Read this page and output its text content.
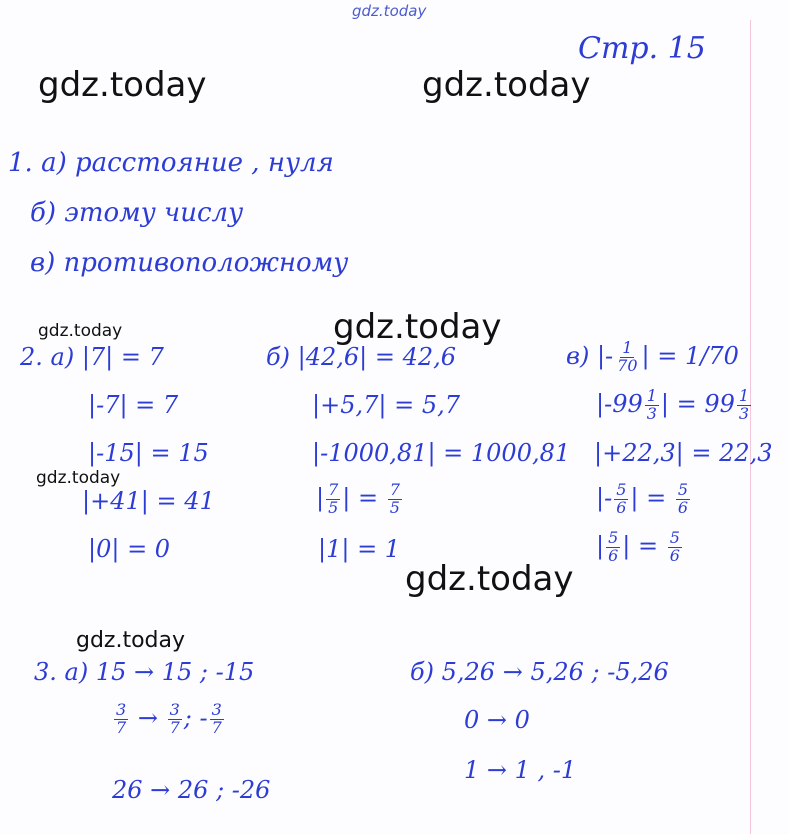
gdz.today
gdz.today	gdz.today
gdz.today
gdz.today
gdz.today
gdz.today
gdz.today
Стр. 15
1. а) расстояние , нуля
б) этому числу
в) противоположному
2. а) |7| = 7
|-7| = 7
|-15| = 15
|+41| = 41
|0| = 0
б) |42,6| = 42,6
|+5,7| = 5,7
|-1000,81| = 1000,81
| $\frac{7}{5}$ | = $\frac{7}{5}$
|1| = 1
в) |- $\frac{1}{70}$ | = 1/70
$|-99 \frac{1}{3}$ | = $99 \frac{1}{3}$
|+22,3| = 22,3
|- $\frac{5}{6}$ | = $\frac{5}{6}$
| $\frac{5}{6}$ | = $\frac{5}{6}$
3. а) 15 → 15 ; -15
$\frac{3}{7} \to \frac{3}{7}$ ; - $\frac{3}{7}$
26 → 26 ; -26
б) 5,26 → 5,26 ; -5,26
0 → 0
1 → 1 , -1
